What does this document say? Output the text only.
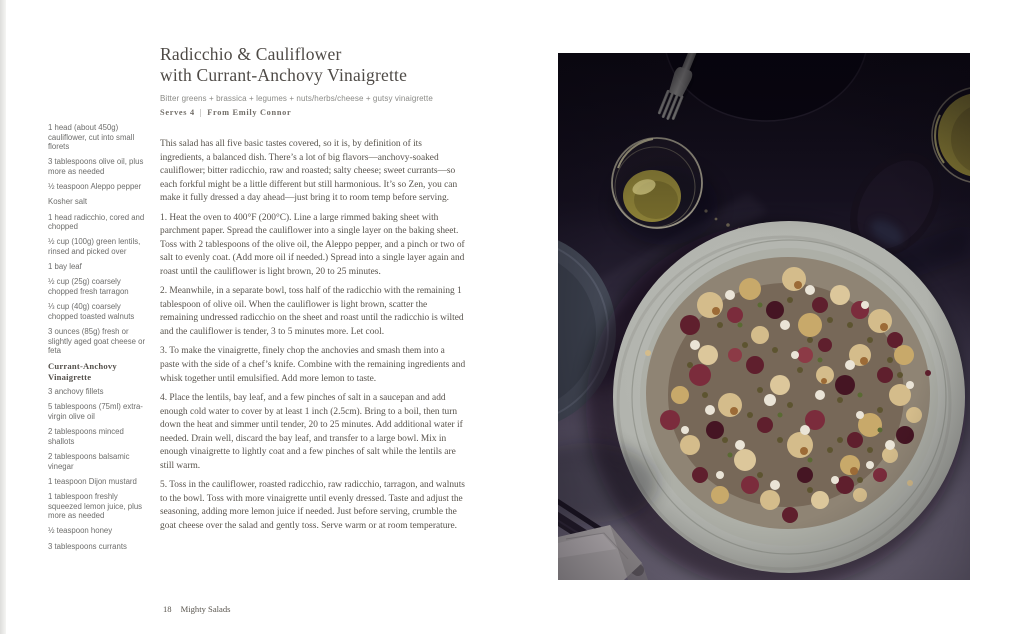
1 head (about 450g) cauliflower, cut into small florets

3 tablespoons olive oil, plus more as needed

½ teaspoon Aleppo pepper

Kosher salt

1 head radicchio, cored and chopped

½ cup (100g) green lentils, rinsed and picked over

1 bay leaf

½ cup (25g) coarsely chopped fresh tarragon

⅓ cup (40g) coarsely chopped toasted walnuts

3 ounces (85g) fresh or slightly aged goat cheese or feta

Currant-Anchovy Vinaigrette

3 anchovy fillets

5 tablespoons (75ml) extra-virgin olive oil

2 tablespoons minced shallots

2 tablespoons balsamic vinegar

1 teaspoon Dijon mustard

1 tablespoon freshly squeezed lemon juice, plus more as needed

½ teaspoon honey

3 tablespoons currants

Radicchio & Cauliflower
with Currant-Anchovy Vinaigrette

Bitter greens + brassica + legumes + nuts/herbs/cheese + gutsy vinaigrette

Serves 4 | From Emily Connor

This salad has all five basic tastes covered, so it is, by definition of its ingredients, a balanced dish. There’s a lot of big flavors—anchovy-soaked cauliflower; bitter radicchio, raw and roasted; salty cheese; sweet currants—so each forkful might be a little different but still harmonious. It’s so Zen, you can make it fully dressed a day ahead—just bring it to room temp before serving.

1. Heat the oven to 400°F (200°C). Line a large rimmed baking sheet with parchment paper. Spread the cauliflower into a single layer on the baking sheet. Toss with 2 tablespoons of the olive oil, the Aleppo pepper, and a pinch or two of salt to evenly coat. (Add more oil if needed.) Spread into a single layer again and roast until the cauliflower is light brown, 20 to 25 minutes.

2. Meanwhile, in a separate bowl, toss half of the radicchio with the remaining 1 tablespoon of olive oil. When the cauliflower is light brown, scatter the remaining undressed radicchio on the sheet and roast until the radicchio is wilted and the cauliflower is tender, 3 to 5 minutes more. Let cool.

3. To make the vinaigrette, finely chop the anchovies and smash them into a paste with the side of a chef’s knife. Combine with the remaining ingredients and whisk together until emulsified. Add more lemon to taste.

4. Place the lentils, bay leaf, and a few pinches of salt in a saucepan and add enough cold water to cover by at least 1 inch (2.5cm). Bring to a boil, then turn down the heat and simmer until tender, 20 to 25 minutes. Add additional water if needed. Drain well, discard the bay leaf, and transfer to a large bowl. Mix in enough vinaigrette to lightly coat and a few pinches of salt while the lentils are still warm.

5. Toss in the cauliflower, roasted radicchio, raw radicchio, tarragon, and walnuts to the bowl. Toss with more vinaigrette until evenly dressed. Taste and adjust the seasoning, adding more lemon juice if needed. Just before serving, crumble the goat cheese over the salad and gently toss. Serve warm or at room temperature.

18 Mighty Salads
